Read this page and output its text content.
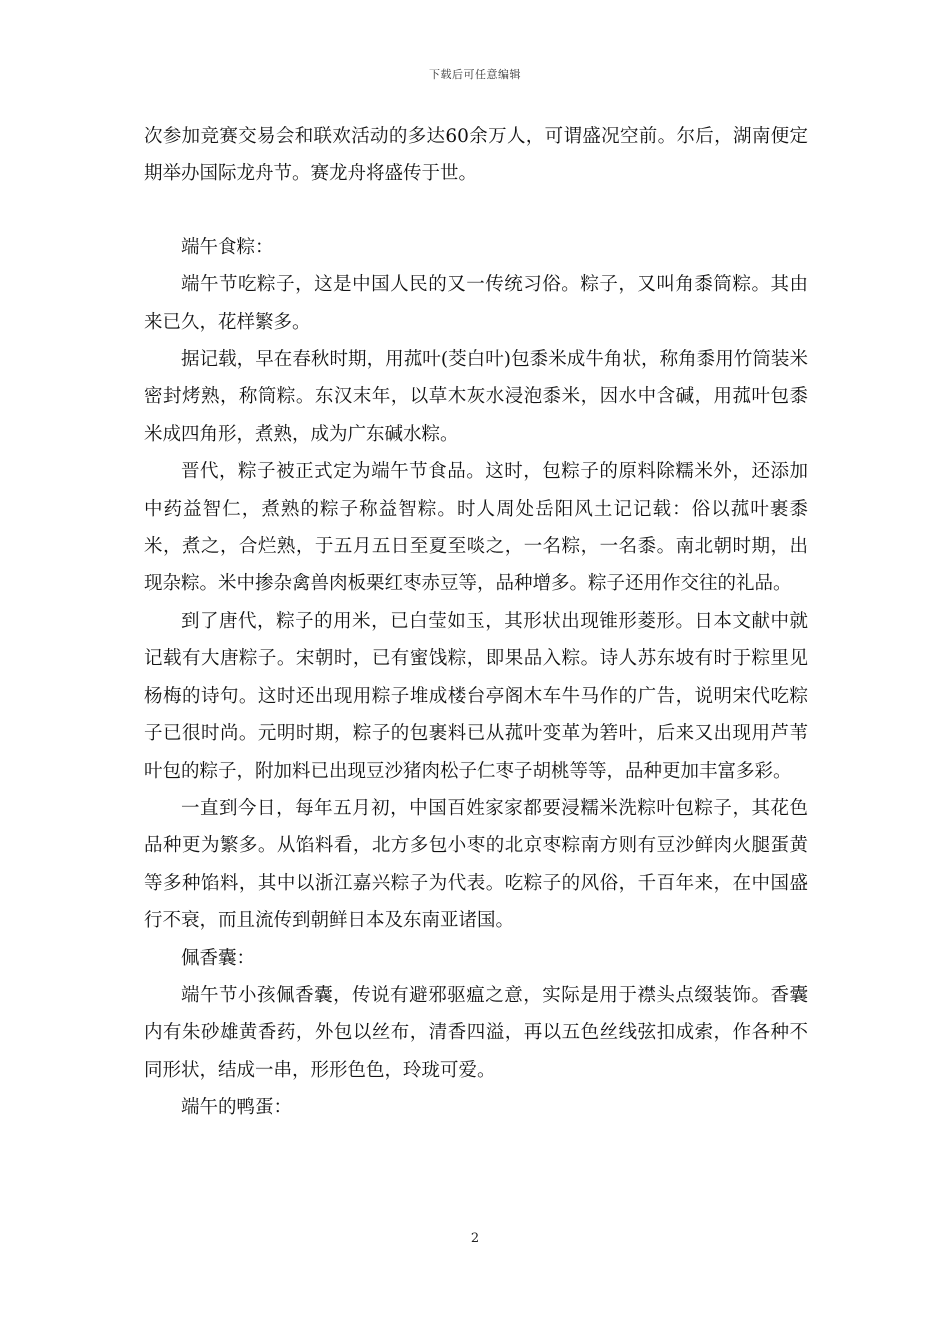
下载后可任意编辑

次参加竞赛交易会和联欢活动的多达60余万人，可谓盛况空前。尔后，湖南便定期举办国际龙舟节。赛龙舟将盛传于世。

端午食粽：

端午节吃粽子，这是中国人民的又一传统习俗。粽子，又叫角黍筒粽。其由来已久，花样繁多。

据记载，早在春秋时期，用菰叶(茭白叶)包黍米成牛角状，称角黍用竹筒装米密封烤熟，称筒粽。东汉末年，以草木灰水浸泡黍米，因水中含碱，用菰叶包黍米成四角形，煮熟，成为广东碱水粽。

晋代，粽子被正式定为端午节食品。这时，包粽子的原料除糯米外，还添加中药益智仁，煮熟的粽子称益智粽。时人周处岳阳风土记记载：俗以菰叶裹黍米，煮之，合烂熟，于五月五日至夏至啖之，一名粽，一名黍。南北朝时期，出现杂粽。米中掺杂禽兽肉板栗红枣赤豆等，品种增多。粽子还用作交往的礼品。

到了唐代，粽子的用米，已白莹如玉，其形状出现锥形菱形。日本文献中就记载有大唐粽子。宋朝时，已有蜜饯粽，即果品入粽。诗人苏东坡有时于粽里见杨梅的诗句。这时还出现用粽子堆成楼台亭阁木车牛马作的广告，说明宋代吃粽子已很时尚。元明时期，粽子的包裹料已从菰叶变革为箬叶，后来又出现用芦苇叶包的粽子，附加料已出现豆沙猪肉松子仁枣子胡桃等等，品种更加丰富多彩。

一直到今日，每年五月初，中国百姓家家都要浸糯米洗粽叶包粽子，其花色品种更为繁多。从馅料看，北方多包小枣的北京枣粽南方则有豆沙鲜肉火腿蛋黄等多种馅料，其中以浙江嘉兴粽子为代表。吃粽子的风俗，千百年来，在中国盛行不衰，而且流传到朝鲜日本及东南亚诸国。

佩香囊：

端午节小孩佩香囊，传说有避邪驱瘟之意，实际是用于襟头点缀装饰。香囊内有朱砂雄黄香药，外包以丝布，清香四溢，再以五色丝线弦扣成索，作各种不同形状，结成一串，形形色色，玲珑可爱。

端午的鸭蛋：

2
